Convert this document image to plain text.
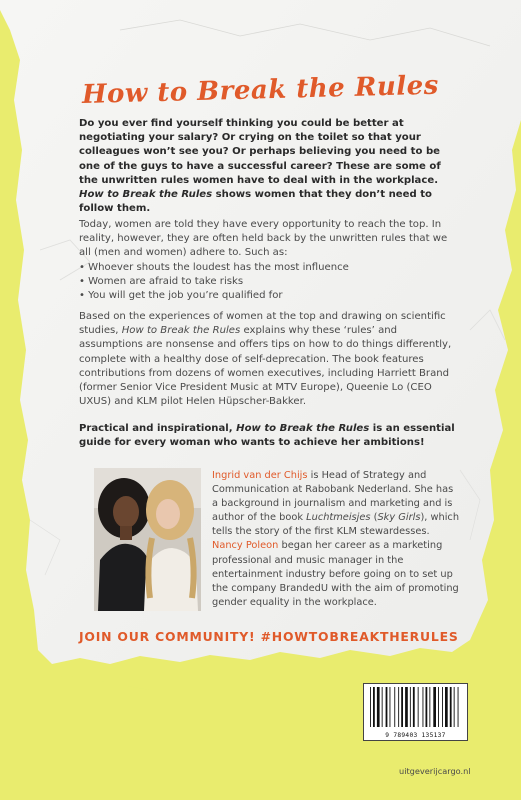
How to Break the Rules
Do you ever find yourself thinking you could be better at negotiating your salary? Or crying on the toilet so that your colleagues won’t see you? Or perhaps believing you need to be one of the guys to have a successful career? These are some of the unwritten rules women have to deal with in the workplace. How to Break the Rules shows women that they don’t need to follow them.

Today, women are told they have every opportunity to reach the top. In reality, however, they are often held back by the unwritten rules that we all (men and women) adhere to. Such as:

• Whoever shouts the loudest has the most influence
• Women are afraid to take risks
• You will get the job you’re qualified for
Based on the experiences of women at the top and drawing on scientific studies, How to Break the Rules explains why these ‘rules’ and assumptions are nonsense and offers tips on how to do things differently, complete with a healthy dose of self-deprecation. The book features contributions from dozens of women executives, including Harriett Brand (former Senior Vice President Music at MTV Europe), Queenie Lo (CEO UXUS) and KLM pilot Helen Hüpscher-Bakker.
Practical and inspirational, How to Break the Rules is an essential guide for every woman who wants to achieve her ambitions!

Ingrid van der Chijs is Head of Strategy and Communication at Rabobank Nederland. She has a background in journalism and marketing and is author of the book Luchtmeisjes (Sky Girls), which tells the story of the first KLM stewardesses.

Nancy Poleon began her career as a marketing professional and music manager in the entertainment industry before going on to set up the company BrandedU with the aim of promoting gender equality in the workplace.

JOIN OUR COMMUNITY! #HOWTOBREAKTHERULES
9 789403 135137
uitgeverijcargo.nl
